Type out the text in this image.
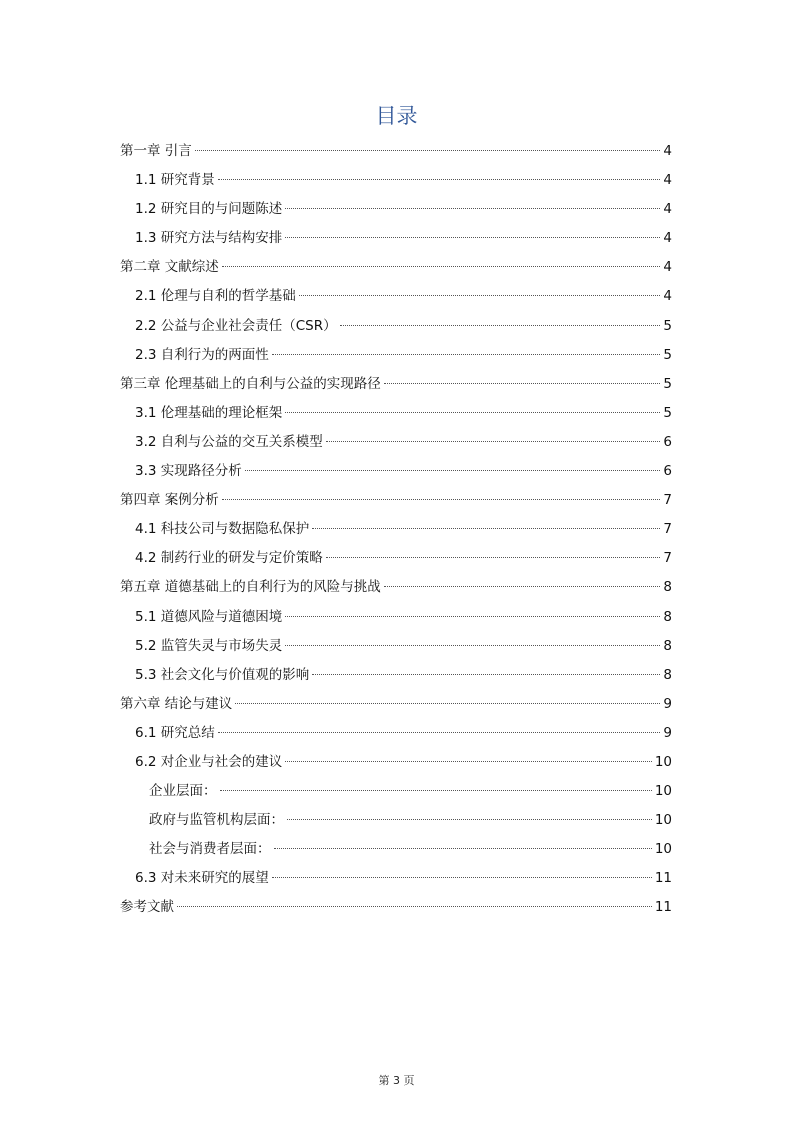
目录
第一章 引言	4
1.1 研究背景	4
1.2 研究目的与问题陈述	4
1.3 研究方法与结构安排	4
第二章 文献综述	4
2.1 伦理与自利的哲学基础	4
2.2 公益与企业社会责任（CSR）	5
2.3 自利行为的两面性	5
第三章 伦理基础上的自利与公益的实现路径	5
3.1 伦理基础的理论框架	5
3.2 自利与公益的交互关系模型	6
3.3 实现路径分析	6
第四章 案例分析	7
4.1 科技公司与数据隐私保护	7
4.2 制药行业的研发与定价策略	7
第五章 道德基础上的自利行为的风险与挑战	8
5.1 道德风险与道德困境	8
5.2 监管失灵与市场失灵	8
5.3 社会文化与价值观的影响	8
第六章 结论与建议	9
6.1 研究总结	9
6.2 对企业与社会的建议	10
企业层面：	10
政府与监管机构层面：	10
社会与消费者层面：	10
6.3 对未来研究的展望	11
参考文献	11
第 3 页
